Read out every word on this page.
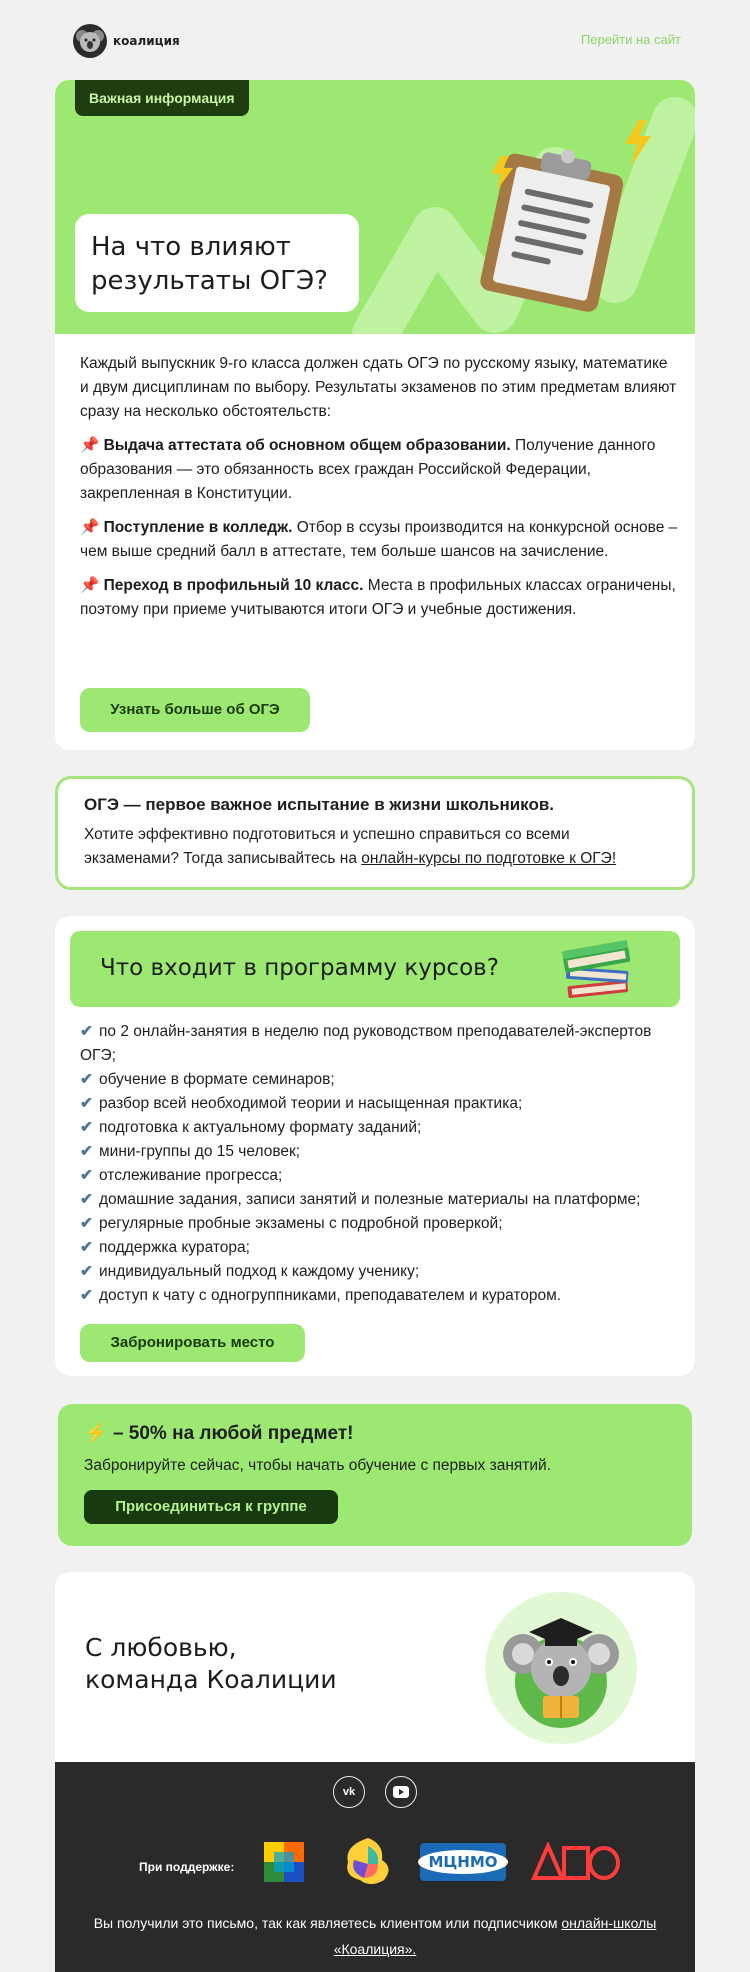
коалиция	Перейти на сайт
Важная информация
На что влияют
результаты ОГЭ?

Каждый выпускник 9-го класса должен сдать ОГЭ по русскому языку, математике и двум дисциплинам по выбору. Результаты экзаменов по этим предметам влияют сразу на несколько обстоятельств:

📌 Выдача аттестата об основном общем образовании. Получение данного образования — это обязанность всех граждан Российской Федерации, закрепленная в Конституции.

📌 Поступление в колледж. Отбор в ссузы производится на конкурсной основе – чем выше средний балл в аттестате, тем больше шансов на зачисление.

📌 Переход в профильный 10 класс. Места в профильных классах ограничены, поэтому при приеме учитываются итоги ОГЭ и учебные достижения.

Узнать больше об ОГЭ
ОГЭ — первое важное испытание в жизни школьников.

Хотите эффективно подготовиться и успешно справиться со всеми экзаменами? Тогда записывайтесь на онлайн-курсы по подготовке к ОГЭ!

Что входит в программу курсов?
✔ по 2 онлайн-занятия в неделю под руководством преподавателей-экспертов ОГЭ;
✔ обучение в формате семинаров;
✔ разбор всей необходимой теории и насыщенная практика;
✔ подготовка к актуальному формату заданий;
✔ мини-группы до 15 человек;
✔ отслеживание прогресса;
✔ домашние задания, записи занятий и полезные материалы на платформе;
✔ регулярные пробные экзамены с подробной проверкой;
✔ поддержка куратора;
✔ индивидуальный подход к каждому ученику;
✔ доступ к чату с одногруппниками, преподавателем и куратором.
Забронировать место
⚡ – 50% на любой предмет!

Забронируйте сейчас, чтобы начать обучение с первых занятий.

Присоединиться к группе
С любовью,
команда Коалиции
vk
При поддержке:	МЦНМО
Вы получили это письмо, так как являетесь клиентом или подписчиком онлайн-школы «Коалиция».
